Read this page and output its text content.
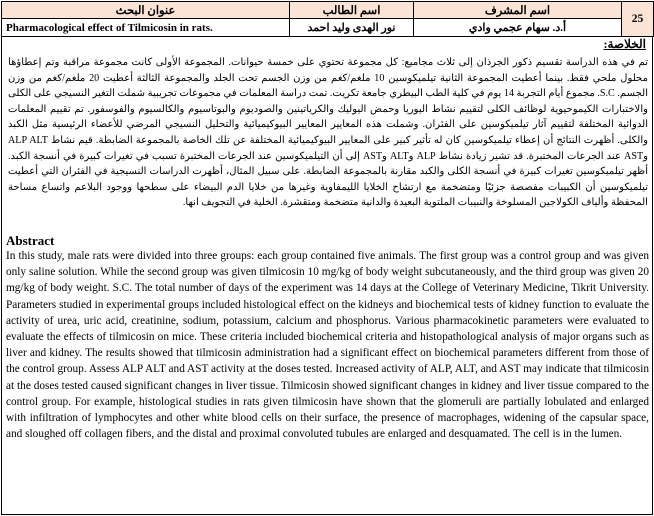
عنوان البحث	اسم الطالب	اسم المشرف	25
Pharmacological effect of Tilmicosin in rats.	نور الهدى وليد احمد	أ.د. سهام عجمي وادي	
الخلاصة:
تم في هذه الدراسة تقسيم ذكور الجرذان إلى ثلاث مجاميع: كل مجموعة تحتوي على خمسة حيوانات. المجموعة الأولى كانت مجموعة مراقبة وتم إعطاؤها محلول ملحي فقط. بينما أعطيت المجموعة الثانية تيلميكوسين 10 ملغم/كغم من وزن الجسم تحت الجلد والمجموعة الثالثة أعطيت 20 ملغم/كغم من وزن الجسم. S.C. مجموع أيام التجربة 14 يوم في كلية الطب البيطري جامعة تكريت. تمت دراسة المعلمات في مجموعات تجريبية شملت التغير النسيجي على الكلى والاختبارات الكيموحيوية لوظائف الكلى لتقييم نشاط اليوريا وحمض اليوليك والكرياتينين والصوديوم والبوتاسيوم والكالسيوم والفوسفور. تم تقييم المعلمات الدوائية المختلفة لتقييم آثار تيلميكوسين على الفئران. وشملت هذه المعايير المعايير البيوكيميائية والتحليل النسيجي المرضي للأعضاء الرئيسية مثل الكبد والكلى. أظهرت النتائج أن إعطاء تيلميكوسين كان له تأثير كبير على المعايير البيوكيميائية المختلفة عن تلك الخاصة بالمجموعة الضابطة. قيم نشاط ALP ALT وAST عند الجرعات المختبرة. قد تشير زيادة نشاط ALP وALT وAST إلى أن التيلميكوسين عند الجرعات المختبرة تسبب في تغيرات كبيرة في أنسجة الكبد. أظهر تيلميكوسين تغيرات كبيرة في أنسجة الكلى والكبد مقارنة بالمجموعة الضابطة. على سبيل المثال، أظهرت الدراسات النسيجية في الفئران التي أعطيت تيلميكوسين أن الكبيبات مفصصة جزئيًا ومتضخمة مع ارتشاح الخلايا الليمفاوية وغيرها من خلايا الدم البيضاء على سطحها ووجود البلاعم واتساع مساحة المحفظة وألياف الكولاجين المسلوخة والنبيبات الملتوية البعيدة والدانية متضخمة ومتقشرة. الخلية في التجويف انها.
Abstract
In this study, male rats were divided into three groups: each group contained five animals. The first group was a control group and was given only saline solution. While the second group was given tilmicosin 10 mg/kg of body weight subcutaneously, and the third group was given 20 mg/kg of body weight. S.C. The total number of days of the experiment was 14 days at the College of Veterinary Medicine, Tikrit University. Parameters studied in experimental groups included histological effect on the kidneys and biochemical tests of kidney function to evaluate the activity of urea, uric acid, creatinine, sodium, potassium, calcium and phosphorus. Various pharmacokinetic parameters were evaluated to evaluate the effects of tilmicosin on mice. These criteria included biochemical criteria and histopathological analysis of major organs such as liver and kidney. The results showed that tilmicosin administration had a significant effect on biochemical parameters different from those of the control group. Assess ALP ALT and AST activity at the doses tested. Increased activity of ALP, ALT, and AST may indicate that tilmicosin at the doses tested caused significant changes in liver tissue. Tilmicosin showed significant changes in kidney and liver tissue compared to the control group. For example, histological studies in rats given tilmicosin have shown that the glomeruli are partially lobulated and enlarged with infiltration of lymphocytes and other white blood cells on their surface, the presence of macrophages, widening of the capsular space, and sloughed off collagen fibers, and the distal and proximal convoluted tubules are enlarged and desquamated. The cell is in the lumen.
